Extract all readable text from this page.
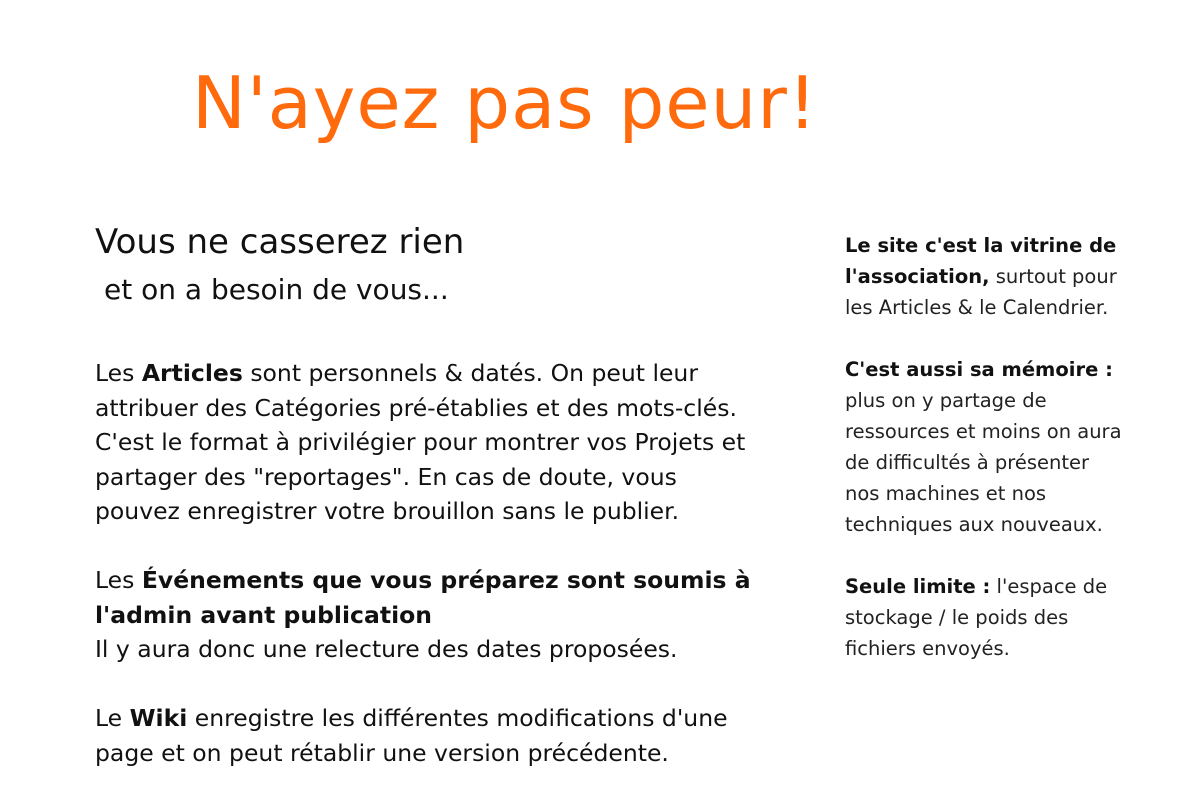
N'ayez pas peur!
Vous ne casserez rien
et on a besoin de vous...

Les Articles sont personnels & datés. On peut leur
attribuer des Catégories pré-établies et des mots-clés.
C'est le format à privilégier pour montrer vos Projets et
partager des "reportages". En cas de doute, vous
pouvez enregistrer votre brouillon sans le publier.

Les Événements que vous préparez sont soumis à
l'admin avant publication
Il y aura donc une relecture des dates proposées.

Le Wiki enregistre les différentes modifications d'une
page et on peut rétablir une version précédente.

Le site c'est la vitrine de
l'association, surtout pour
les Articles & le Calendrier.

C'est aussi sa mémoire :
plus on y partage de
ressources et moins on aura
de difficultés à présenter
nos machines et nos
techniques aux nouveaux.

Seule limite : l'espace de
stockage / le poids des
fichiers envoyés.
